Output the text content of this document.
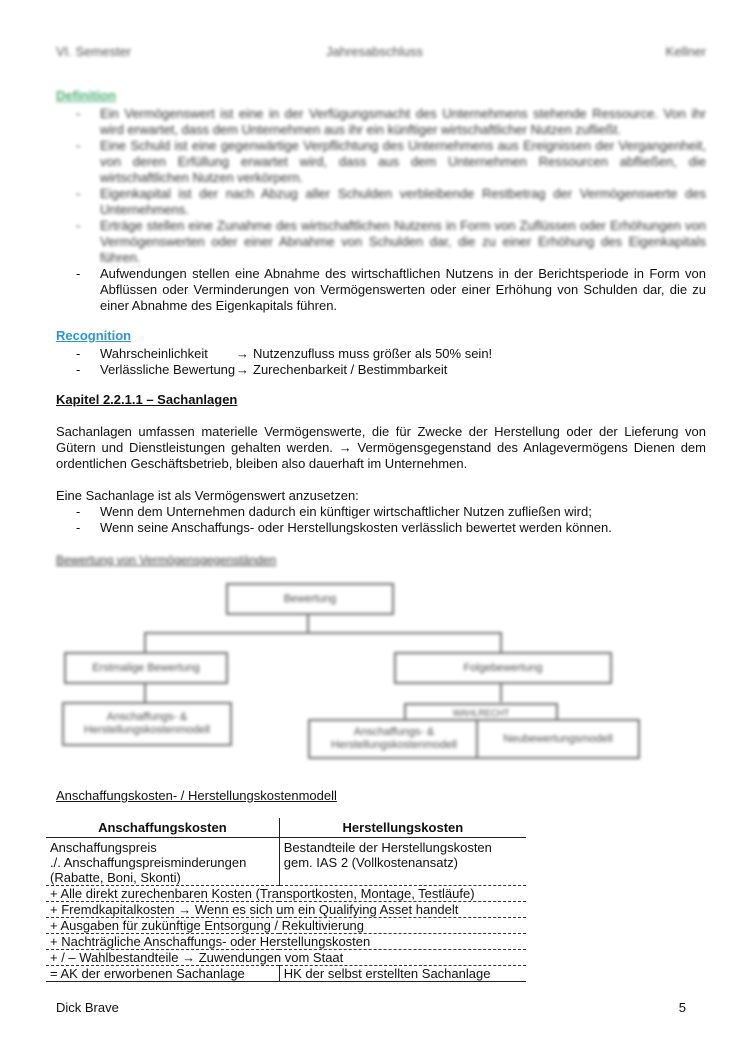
VI. Semester	Jahresabschluss	Kellner
Definition
- Ein Vermögenswert ist eine in der Verfügungsmacht des Unternehmens stehende Ressource. Von ihr wird erwartet, dass dem Unternehmen aus ihr ein künftiger wirtschaftlicher Nutzen zufließt.
- Eine Schuld ist eine gegenwärtige Verpflichtung des Unternehmens aus Ereignissen der Vergangenheit, von deren Erfüllung erwartet wird, dass aus dem Unternehmen Ressourcen abfließen, die wirtschaftlichen Nutzen verkörpern.
- Eigenkapital ist der nach Abzug aller Schulden verbleibende Restbetrag der Vermögenswerte des Unternehmens.
- Erträge stellen eine Zunahme des wirtschaftlichen Nutzens in Form von Zuflüssen oder Erhöhungen von Vermögenswerten oder einer Abnahme von Schulden dar, die zu einer Erhöhung des Eigenkapitals führen.
- Aufwendungen stellen eine Abnahme des wirtschaftlichen Nutzens in der Berichtsperiode in Form von Abflüssen oder Verminderungen von Vermögenswerten oder einer Erhöhung von Schulden dar, die zu einer Abnahme des Eigenkapitals führen.
Recognition
- Wahrscheinlichkeit → Nutzenzufluss muss größer als 50% sein!
- Verlässliche Bewertung→ Zurechenbarkeit / Bestimmbarkeit
Kapitel 2.2.1.1 – Sachanlagen
Sachanlagen umfassen materielle Vermögenswerte, die für Zwecke der Herstellung oder der Lieferung von Gütern und Dienstleistungen gehalten werden. → Vermögensgegenstand des Anlagevermögens Dienen dem ordentlichen Geschäftsbetrieb, bleiben also dauerhaft im Unternehmen.
Eine Sachanlage ist als Vermögenswert anzusetzen:
- Wenn dem Unternehmen dadurch ein künftiger wirtschaftlicher Nutzen zufließen wird;
- Wenn seine Anschaffungs- oder Herstellungskosten verlässlich bewertet werden können.
Bewertung von Vermögensgegenständen
Bewertung
Erstmalige Bewertung	Folgebewertung
Anschaffungs- & Herstellungskostenmodell
WAHLRECHT
Anschaffungs- & Herstellungskostenmodell
Neubewertungsmodell
Anschaffungskosten- / Herstellungskostenmodell
Anschaffungskosten	Herstellungskosten
Anschaffungspreis
./. Anschaffungspreisminderungen
(Rabatte, Boni, Skonti)	Bestandteile der Herstellungskosten
gem. IAS 2 (Vollkostenansatz)
+ Alle direkt zurechenbaren Kosten (Transportkosten, Montage, Testläufe)	
+ Fremdkapitalkosten → Wenn es sich um ein Qualifying Asset handelt	
+ Ausgaben für zukünftige Entsorgung / Rekultivierung	
+ Nachträgliche Anschaffungs- oder Herstellungskosten	
+ / – Wahlbestandteile → Zuwendungen vom Staat	
= AK der erworbenen Sachanlage	HK der selbst erstellten Sachanlage
Dick Brave	5
